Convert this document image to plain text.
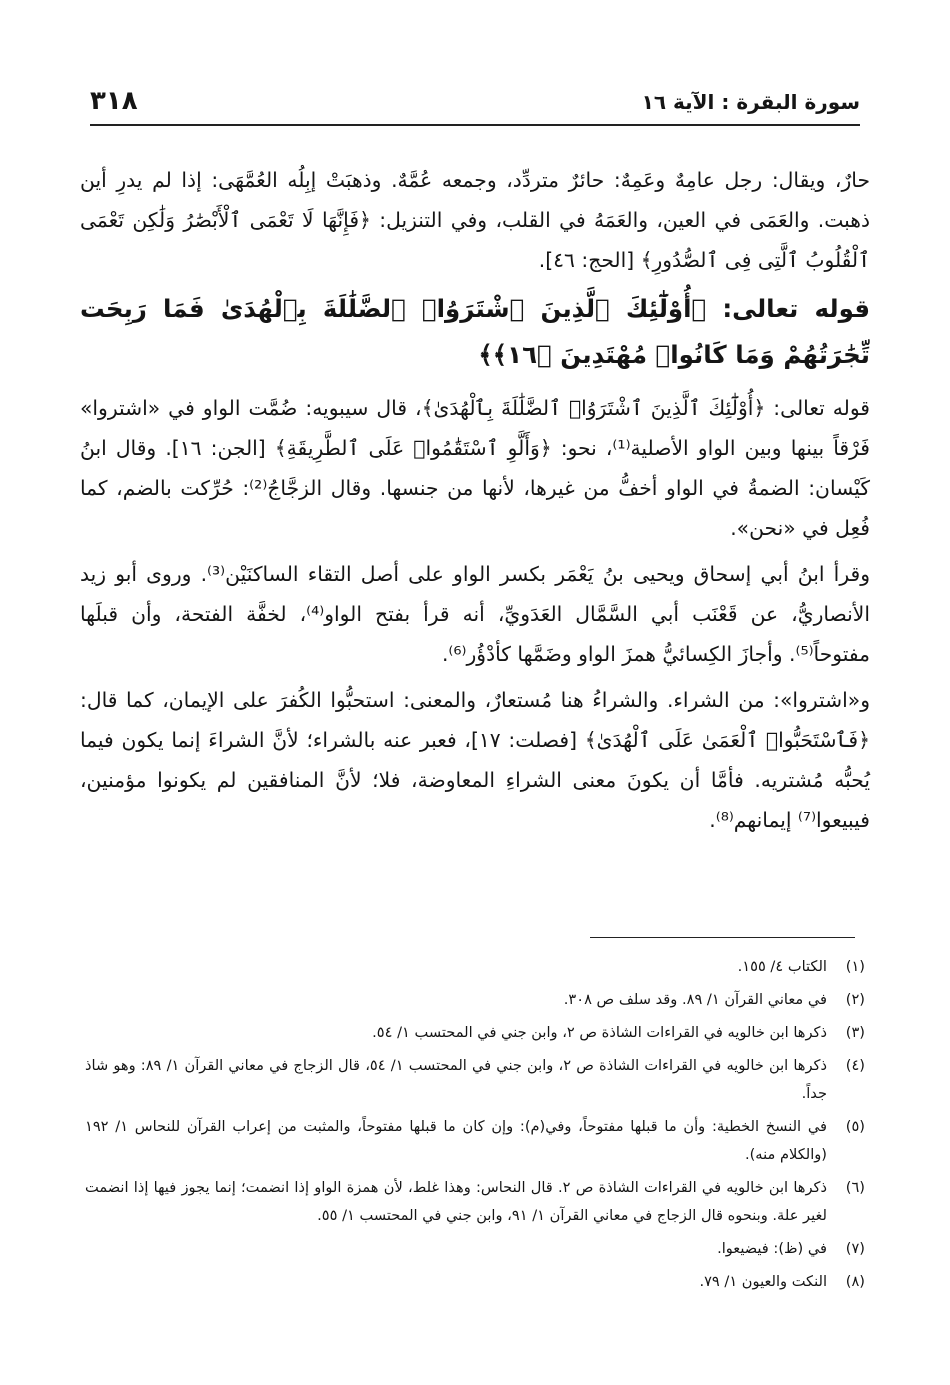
٣١٨	سورة البقرة : الآية ١٦

حارٌ، ويقال: رجل عامِهٌ وعَمِهٌ: حائرٌ متردِّد، وجمعه عُمَّهٌ. وذهبَتْ إبِلُه العُمَّهَى: إذا لم يدرِ أين ذهبت. والعَمَى في العين، والعَمَهُ في القلب، وفي التنزيل: ﴿فَإِنَّهَا لَا تَعْمَى ٱلْأَبْصَٰرُ وَلَٰكِن تَعْمَى ٱلْقُلُوبُ ٱلَّتِى فِى ٱلصُّدُورِ﴾ [الحج: ٤٦].

قوله تعالى: ﴿أُوْلَٰٓئِكَ ٱلَّذِينَ ٱشْتَرَوُا۟ ٱلضَّلَٰلَةَ بِٱلْهُدَىٰ فَمَا رَبِحَت تِّجَٰرَتُهُمْ وَمَا كَانُوا۟ مُهْتَدِينَ ﴿١٦﴾﴾

قوله تعالى: ﴿أُوْلَٰٓئِكَ ٱلَّذِينَ ٱشْتَرَوُا۟ ٱلضَّلَٰلَةَ بِٱلْهُدَىٰ﴾، قال سيبويه: ضُمَّت الواو في «اشتروا» فَرْقاً بينها وبين الواو الأصلية⁽¹⁾، نحو: ﴿وَأَلَّوِ ٱسْتَقَٰمُوا۟ عَلَى ٱلطَّرِيقَةِ﴾ [الجن: ١٦]. وقال ابنُ كَيْسان: الضمةُ في الواو أخفُّ من غيرها، لأنها من جنسها. وقال الزجَّاجُ⁽²⁾: حُرِّكت بالضم، كما فُعِل في «نحن».

وقرأ ابنُ أبي إسحاق ويحيى بنُ يَعْمَر بكسر الواو على أصل التقاء الساكنَيْن⁽³⁾. وروى أبو زيد الأنصاريُّ، عن قَعْنَب أبي السَّمَّال العَدَويِّ، أنه قرأ بفتح الواو⁽⁴⁾، لخفَّة الفتحة، وأن قبلَها مفتوحاً⁽⁵⁾. وأجازَ الكِسائيُّ همزَ الواو وضَمَّها كأدْؤُر⁽⁶⁾.

و«اشتروا»: من الشراء. والشراءُ هنا مُستعارٌ، والمعنى: استحبُّوا الكُفرَ على الإيمان، كما قال: ﴿فَٱسْتَحَبُّوا۟ ٱلْعَمَىٰ عَلَى ٱلْهُدَىٰ﴾ [فصلت: ١٧]، فعبر عنه بالشراء؛ لأنَّ الشراءَ إنما يكون فيما يُحبُّه مُشتريه. فأمَّا أن يكونَ معنى الشراءِ المعاوضة، فلا؛ لأنَّ المنافقين لم يكونوا مؤمنين، فيبيعوا⁽⁷⁾ إيمانهم⁽⁸⁾.

(١)
الكتاب ٤/ ١٥٥.
(٢)
في معاني القرآن ١/ ٨٩. وقد سلف ص ٣٠٨.
(٣)
ذكرها ابن خالويه في القراءات الشاذة ص ٢، وابن جني في المحتسب ١/ ٥٤.
(٤)
ذكرها ابن خالويه في القراءات الشاذة ص ٢، وابن جني في المحتسب ١/ ٥٤، قال الزجاج في معاني القرآن ١/ ٨٩: وهو شاذ جداً.
(٥)
في النسخ الخطية: وأن ما قبلها مفتوحاً، وفي(م): وإن كان ما قبلها مفتوحاً، والمثبت من إعراب القرآن للنحاس ١/ ١٩٢ (والكلام منه).
(٦)
ذكرها ابن خالويه في القراءات الشاذة ص ٢. قال النحاس: وهذا غلط، لأن همزة الواو إذا انضمت؛ إنما يجوز فيها إذا انضمت لغير علة. وبنحوه قال الزجاج في معاني القرآن ١/ ٩١، وابن جني في المحتسب ١/ ٥٥.
(٧)
في (ظ): فيضيعوا.
(٨)
النكت والعيون ١/ ٧٩.
